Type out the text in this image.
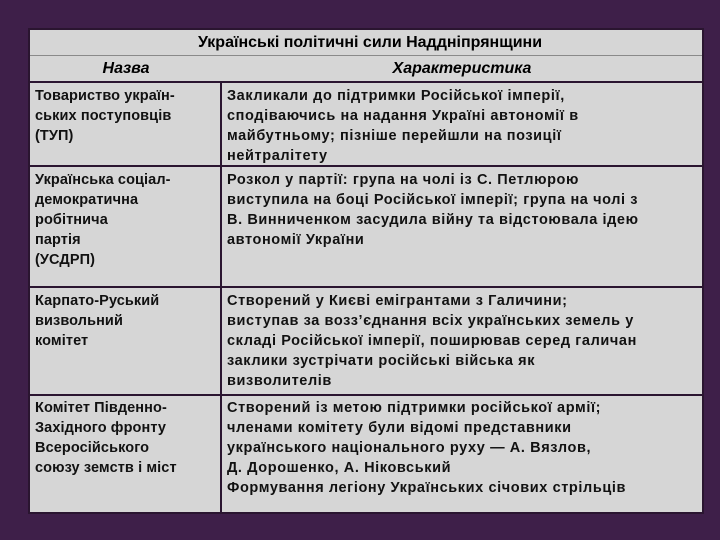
Українські політичні сили Наддніпрянщини
Назва	Характеристика
Товариство україн-
ських поступовців
(ТУП)
Закликали до підтримки Російської імперії,
сподіваючись на надання Україні автономії в
майбутньому; пізніше перейшли на позиції
нейтралітету
Українська соціал-
демократична
робітнича
партія
(УСДРП)
Розкол у партії: група на чолі із С. Петлюрою
виступила на боці Російської імперії; група на чолі з
В. Винниченком засудила війну та відстоювала ідею
автономії України
Карпато-Руський
визвольний
комітет
Створений у Києві емігрантами з Галичини;
виступав за возз’єднання всіх українських земель у
складі Російської імперії, поширював серед галичан
заклики зустрічати російські війська як
визволителів
Комітет Південно-
Західного фронту
Всеросійського
союзу земств і міст
Створений із метою підтримки російської армії;
членами комітету були відомі представники
українського національного руху — А. Вязлов,
Д. Дорошенко, А. Ніковський
Формування легіону Українських січових стрільців
